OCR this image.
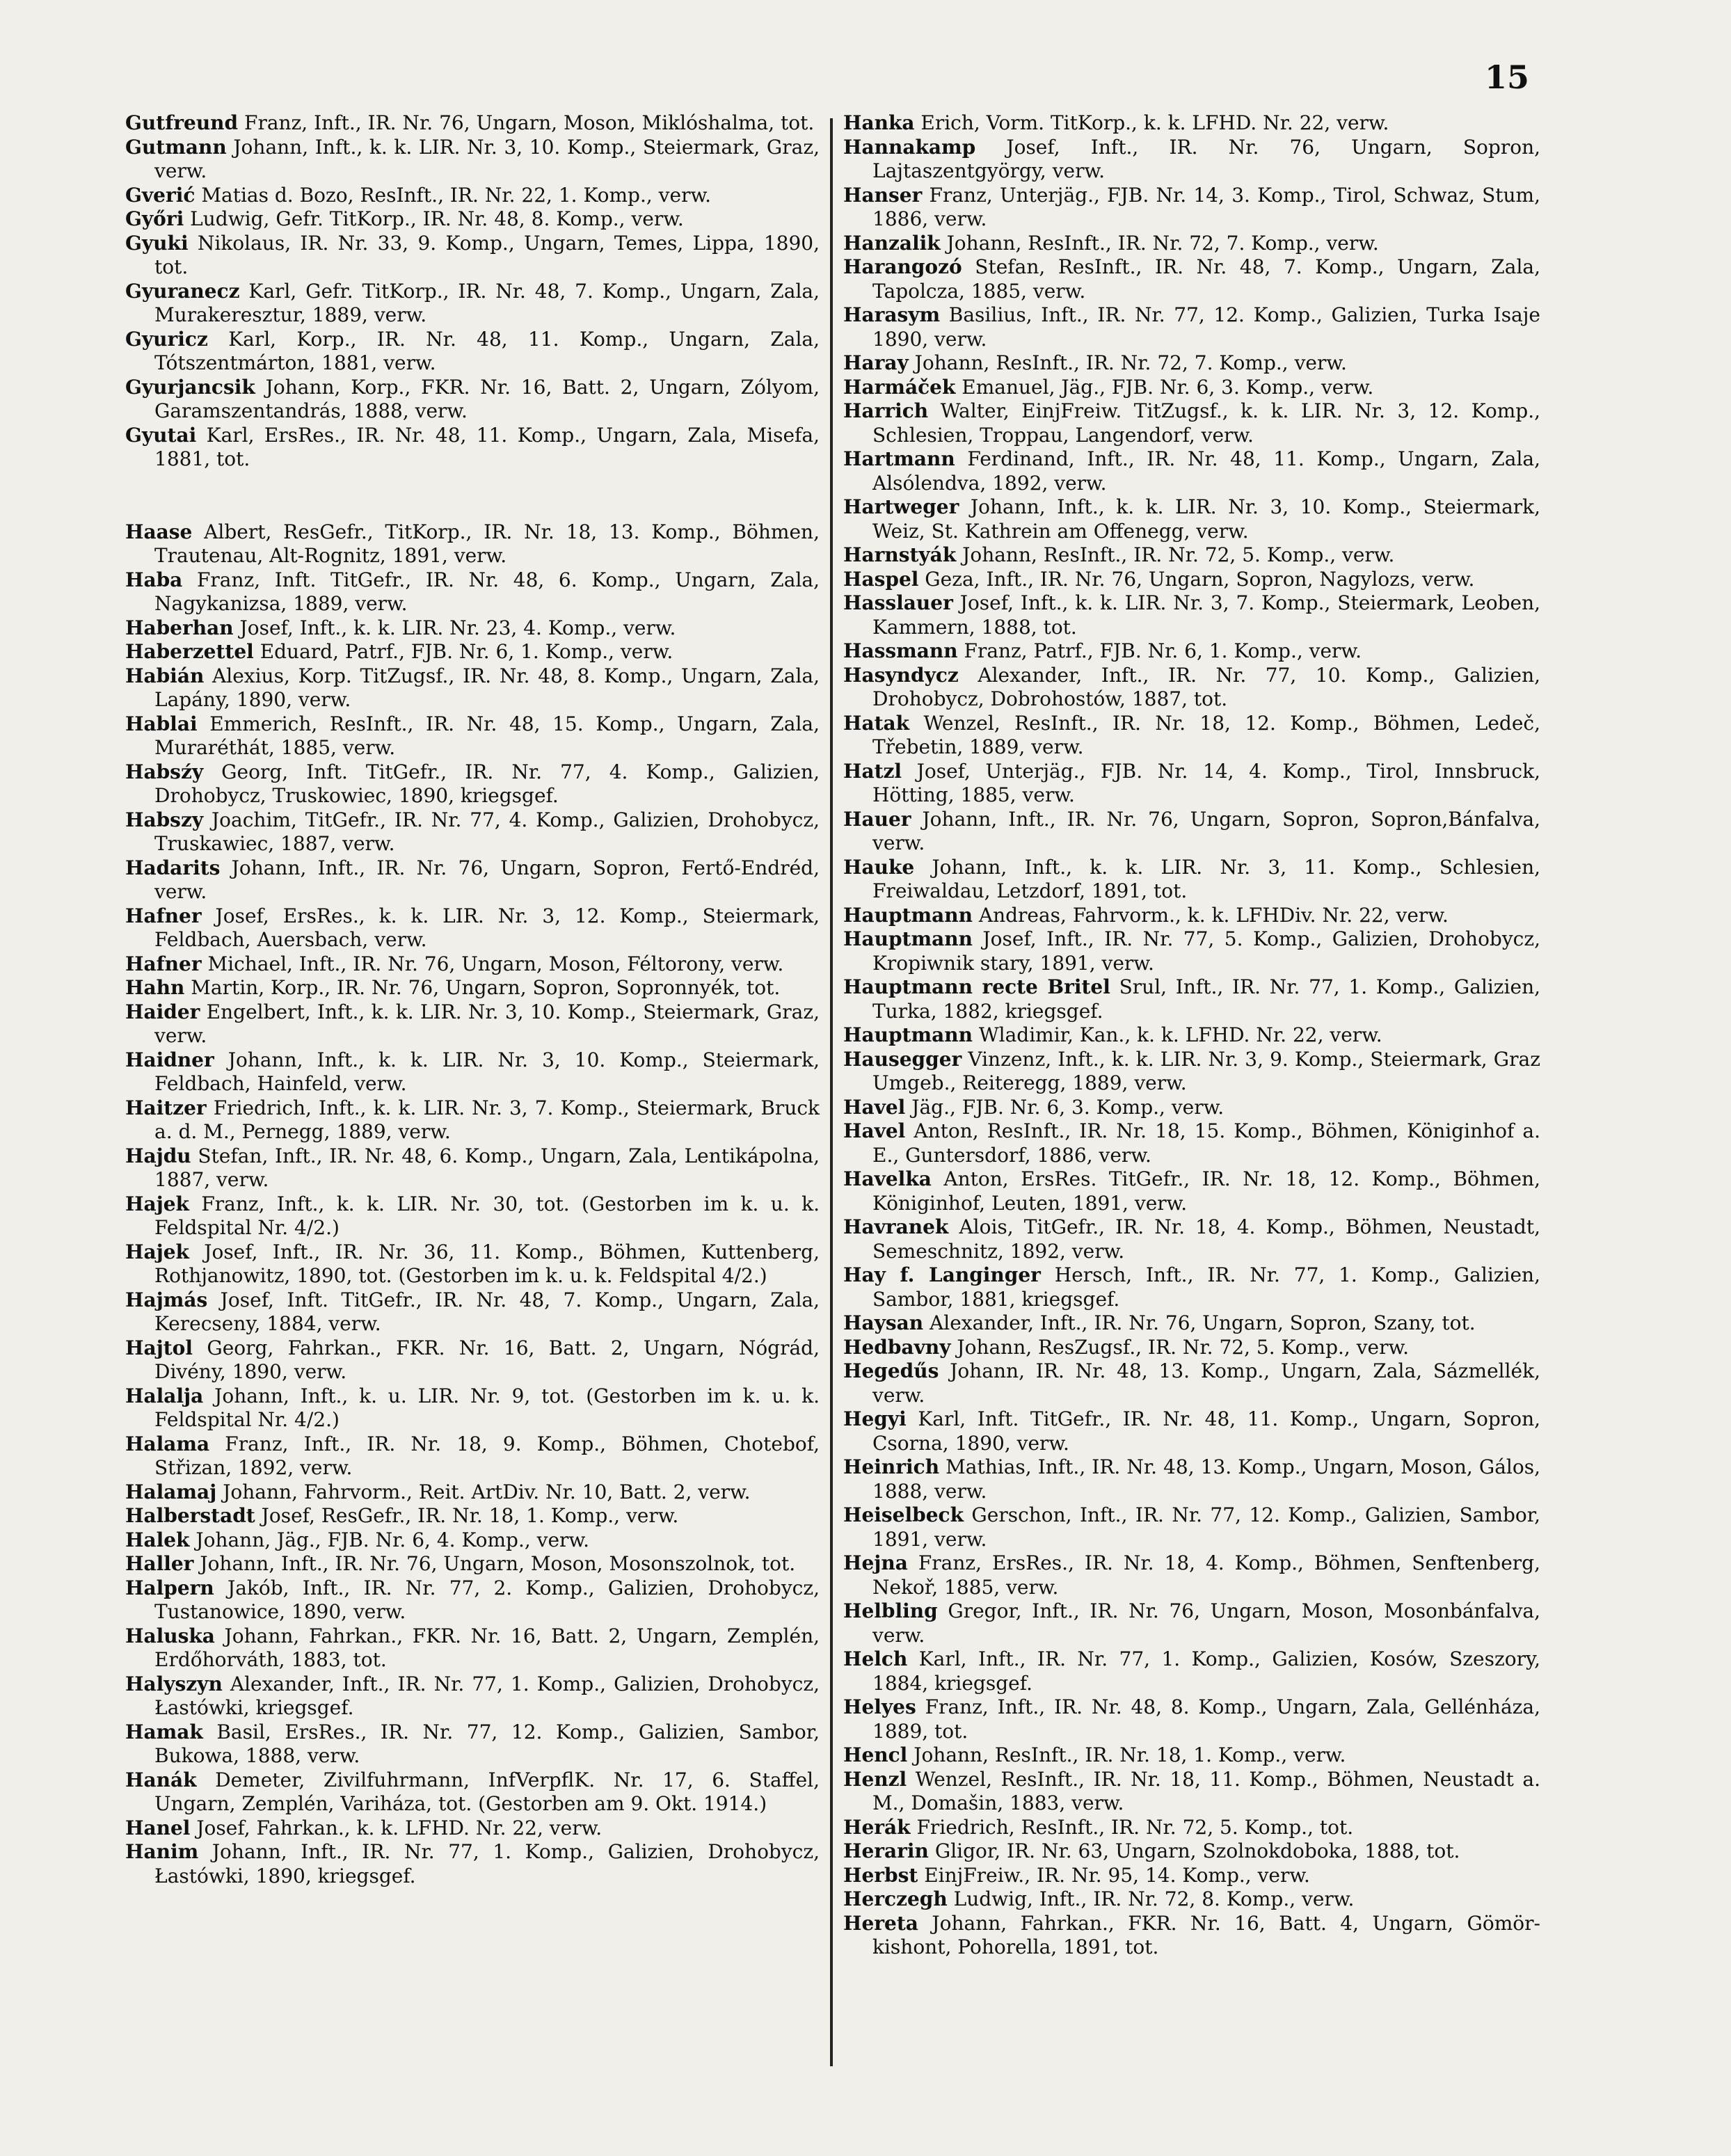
15

Gutfreund Franz, Inft., IR. Nr. 76, Ungarn, Moson, Miklóshalma, tot.

Gutmann Johann, Inft., k. k. LIR. Nr. 3, 10. Komp., Steiermark, Graz, verw.

Gverić Matias d. Bozo, ResInft., IR. Nr. 22, 1. Komp., verw.

Győri Ludwig, Gefr. TitKorp., IR. Nr. 48, 8. Komp., verw.

Gyuki Nikolaus, IR. Nr. 33, 9. Komp., Ungarn, Temes, Lippa, 1890, tot.

Gyuranecz Karl, Gefr. TitKorp., IR. Nr. 48, 7. Komp., Ungarn, Zala, Murakeresztur, 1889, verw.

Gyuricz Karl, Korp., IR. Nr. 48, 11. Komp., Ungarn, Zala, Tótszentmárton, 1881, verw.

Gyurjancsik Johann, Korp., FKR. Nr. 16, Batt. 2, Ungarn, Zólyom, Garamszentandrás, 1888, verw.

Gyutai Karl, ErsRes., IR. Nr. 48, 11. Komp., Ungarn, Zala, Misefa, 1881, tot.

Haase Albert, ResGefr., TitKorp., IR. Nr. 18, 13. Komp., Böhmen, Trautenau, Alt-Rognitz, 1891, verw.

Haba Franz, Inft. TitGefr., IR. Nr. 48, 6. Komp., Ungarn, Zala, Nagykanizsa, 1889, verw.

Haberhan Josef, Inft., k. k. LIR. Nr. 23, 4. Komp., verw.

Haberzettel Eduard, Patrf., FJB. Nr. 6, 1. Komp., verw.

Habián Alexius, Korp. TitZugsf., IR. Nr. 48, 8. Komp., Ungarn, Zala, Lapány, 1890, verw.

Hablai Emmerich, ResInft., IR. Nr. 48, 15. Komp., Ungarn, Zala, Muraréthát, 1885, verw.

Habsźy Georg, Inft. TitGefr., IR. Nr. 77, 4. Komp., Galizien, Drohobycz, Truskowiec, 1890, kriegsgef.

Habszy Joachim, TitGefr., IR. Nr. 77, 4. Komp., Galizien, Drohobycz, Truskawiec, 1887, verw.

Hadarits Johann, Inft., IR. Nr. 76, Ungarn, Sopron, Fertő-Endréd, verw.

Hafner Josef, ErsRes., k. k. LIR. Nr. 3, 12. Komp., Steiermark, Feldbach, Auersbach, verw.

Hafner Michael, Inft., IR. Nr. 76, Ungarn, Moson, Féltorony, verw.

Hahn Martin, Korp., IR. Nr. 76, Ungarn, Sopron, Sopronnyék, tot.

Haider Engelbert, Inft., k. k. LIR. Nr. 3, 10. Komp., Steiermark, Graz, verw.

Haidner Johann, Inft., k. k. LIR. Nr. 3, 10. Komp., Steiermark, Feldbach, Hainfeld, verw.

Haitzer Friedrich, Inft., k. k. LIR. Nr. 3, 7. Komp., Steiermark, Bruck a. d. M., Pernegg, 1889, verw.

Hajdu Stefan, Inft., IR. Nr. 48, 6. Komp., Ungarn, Zala, Lentikápolna, 1887, verw.

Hajek Franz, Inft., k. k. LIR. Nr. 30, tot. (Gestorben im k. u. k. Feldspital Nr. 4/2.)

Hajek Josef, Inft., IR. Nr. 36, 11. Komp., Böhmen, Kuttenberg, Rothjanowitz, 1890, tot. (Gestorben im k. u. k. Feldspital 4/2.)

Hajmás Josef, Inft. TitGefr., IR. Nr. 48, 7. Komp., Ungarn, Zala, Kerecseny, 1884, verw.

Hajtol Georg, Fahrkan., FKR. Nr. 16, Batt. 2, Ungarn, Nógrád, Divény, 1890, verw.

Halalja Johann, Inft., k. u. LIR. Nr. 9, tot. (Gestorben im k. u. k. Feldspital Nr. 4/2.)

Halama Franz, Inft., IR. Nr. 18, 9. Komp., Böhmen, Chotebof, Střizan, 1892, verw.

Halamaj Johann, Fahrvorm., Reit. ArtDiv. Nr. 10, Batt. 2, verw.

Halberstadt Josef, ResGefr., IR. Nr. 18, 1. Komp., verw.

Halek Johann, Jäg., FJB. Nr. 6, 4. Komp., verw.

Haller Johann, Inft., IR. Nr. 76, Ungarn, Moson, Mosonszolnok, tot.

Halpern Jakób, Inft., IR. Nr. 77, 2. Komp., Galizien, Drohobycz, Tustanowice, 1890, verw.

Haluska Johann, Fahrkan., FKR. Nr. 16, Batt. 2, Ungarn, Zemplén, Erdőhorváth, 1883, tot.

Halyszyn Alexander, Inft., IR. Nr. 77, 1. Komp., Galizien, Drohobycz, Łastówki, kriegsgef.

Hamak Basil, ErsRes., IR. Nr. 77, 12. Komp., Galizien, Sambor, Bukowa, 1888, verw.

Hanák Demeter, Zivilfuhrmann, InfVerpflK. Nr. 17, 6. Staffel, Ungarn, Zemplén, Variháza, tot. (Gestorben am 9. Okt. 1914.)

Hanel Josef, Fahrkan., k. k. LFHD. Nr. 22, verw.

Hanim Johann, Inft., IR. Nr. 77, 1. Komp., Galizien, Drohobycz, Łastówki, 1890, kriegsgef.

Hanka Erich, Vorm. TitKorp., k. k. LFHD. Nr. 22, verw.

Hannakamp Josef, Inft., IR. Nr. 76, Ungarn, Sopron, Lajtaszentgyörgy, verw.

Hanser Franz, Unterjäg., FJB. Nr. 14, 3. Komp., Tirol, Schwaz, Stum, 1886, verw.

Hanzalik Johann, ResInft., IR. Nr. 72, 7. Komp., verw.

Harangozó Stefan, ResInft., IR. Nr. 48, 7. Komp., Ungarn, Zala, Tapolcza, 1885, verw.

Harasym Basilius, Inft., IR. Nr. 77, 12. Komp., Galizien, Turka Isaje 1890, verw.

Haray Johann, ResInft., IR. Nr. 72, 7. Komp., verw.

Harmáček Emanuel, Jäg., FJB. Nr. 6, 3. Komp., verw.

Harrich Walter, EinjFreiw. TitZugsf., k. k. LIR. Nr. 3, 12. Komp., Schlesien, Troppau, Langendorf, verw.

Hartmann Ferdinand, Inft., IR. Nr. 48, 11. Komp., Ungarn, Zala, Alsólendva, 1892, verw.

Hartweger Johann, Inft., k. k. LIR. Nr. 3, 10. Komp., Steiermark, Weiz, St. Kathrein am Offenegg, verw.

Harnstyák Johann, ResInft., IR. Nr. 72, 5. Komp., verw.

Haspel Geza, Inft., IR. Nr. 76, Ungarn, Sopron, Nagylozs, verw.

Hasslauer Josef, Inft., k. k. LIR. Nr. 3, 7. Komp., Steiermark, Leoben, Kammern, 1888, tot.

Hassmann Franz, Patrf., FJB. Nr. 6, 1. Komp., verw.

Hasyndycz Alexander, Inft., IR. Nr. 77, 10. Komp., Galizien, Drohobycz, Dobrohostów, 1887, tot.

Hatak Wenzel, ResInft., IR. Nr. 18, 12. Komp., Böhmen, Ledeč, Třebetin, 1889, verw.

Hatzl Josef, Unterjäg., FJB. Nr. 14, 4. Komp., Tirol, Innsbruck, Hötting, 1885, verw.

Hauer Johann, Inft., IR. Nr. 76, Ungarn, Sopron, Sopron,Bánfalva, verw.

Hauke Johann, Inft., k. k. LIR. Nr. 3, 11. Komp., Schlesien, Freiwaldau, Letzdorf, 1891, tot.

Hauptmann Andreas, Fahrvorm., k. k. LFHDiv. Nr. 22, verw.

Hauptmann Josef, Inft., IR. Nr. 77, 5. Komp., Galizien, Drohobycz, Kropiwnik stary, 1891, verw.

Hauptmann recte Britel Srul, Inft., IR. Nr. 77, 1. Komp., Galizien, Turka, 1882, kriegsgef.

Hauptmann Wladimir, Kan., k. k. LFHD. Nr. 22, verw.

Hausegger Vinzenz, Inft., k. k. LIR. Nr. 3, 9. Komp., Steiermark, Graz Umgeb., Reiteregg, 1889, verw.

Havel Jäg., FJB. Nr. 6, 3. Komp., verw.

Havel Anton, ResInft., IR. Nr. 18, 15. Komp., Böhmen, Königinhof a. E., Guntersdorf, 1886, verw.

Havelka Anton, ErsRes. TitGefr., IR. Nr. 18, 12. Komp., Böhmen, Königinhof, Leuten, 1891, verw.

Havranek Alois, TitGefr., IR. Nr. 18, 4. Komp., Böhmen, Neustadt, Semeschnitz, 1892, verw.

Hay f. Langinger Hersch, Inft., IR. Nr. 77, 1. Komp., Galizien, Sambor, 1881, kriegsgef.

Haysan Alexander, Inft., IR. Nr. 76, Ungarn, Sopron, Szany, tot.

Hedbavny Johann, ResZugsf., IR. Nr. 72, 5. Komp., verw.

Hegedűs Johann, IR. Nr. 48, 13. Komp., Ungarn, Zala, Sázmellék, verw.

Hegyi Karl, Inft. TitGefr., IR. Nr. 48, 11. Komp., Ungarn, Sopron, Csorna, 1890, verw.

Heinrich Mathias, Inft., IR. Nr. 48, 13. Komp., Ungarn, Moson, Gálos, 1888, verw.

Heiselbeck Gerschon, Inft., IR. Nr. 77, 12. Komp., Galizien, Sambor, 1891, verw.

Hejna Franz, ErsRes., IR. Nr. 18, 4. Komp., Böhmen, Senftenberg, Nekoř, 1885, verw.

Helbling Gregor, Inft., IR. Nr. 76, Ungarn, Moson, Mosonbánfalva, verw.

Helch Karl, Inft., IR. Nr. 77, 1. Komp., Galizien, Kosów, Szeszory, 1884, kriegsgef.

Helyes Franz, Inft., IR. Nr. 48, 8. Komp., Ungarn, Zala, Gellénháza, 1889, tot.

Hencl Johann, ResInft., IR. Nr. 18, 1. Komp., verw.

Henzl Wenzel, ResInft., IR. Nr. 18, 11. Komp., Böhmen, Neustadt a. M., Domašin, 1883, verw.

Herák Friedrich, ResInft., IR. Nr. 72, 5. Komp., tot.

Herarin Gligor, IR. Nr. 63, Ungarn, Szolnokdoboka, 1888, tot.

Herbst EinjFreiw., IR. Nr. 95, 14. Komp., verw.

Herczegh Ludwig, Inft., IR. Nr. 72, 8. Komp., verw.

Hereta Johann, Fahrkan., FKR. Nr. 16, Batt. 4, Ungarn, Gömör-kishont, Pohorella, 1891, tot.
